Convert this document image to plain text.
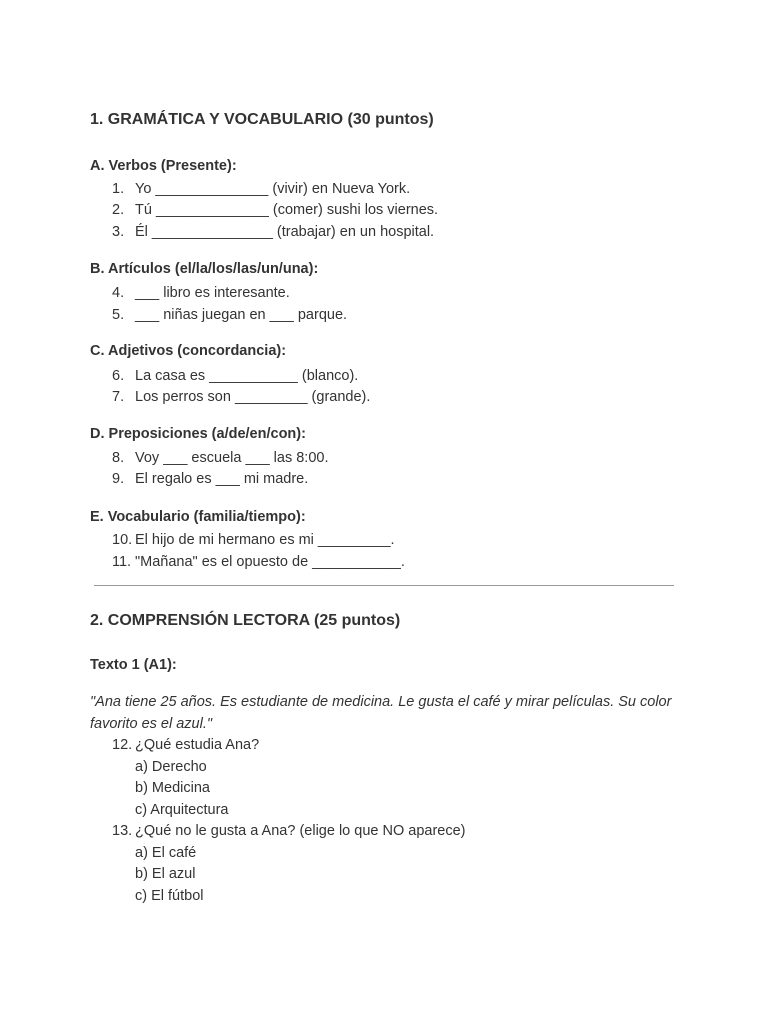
1. GRAMÁTICA Y VOCABULARIO (30 puntos)
A. Verbos (Presente):
1. Yo ______________ (vivir) en Nueva York.
2. Tú ______________ (comer) sushi los viernes.
3. Él _______________ (trabajar) en un hospital.
B. Artículos (el/la/los/las/un/una):
4. ___ libro es interesante.
5. ___ niñas juegan en ___ parque.
C. Adjetivos (concordancia):
6. La casa es ___________ (blanco).
7. Los perros son _________ (grande).
D. Preposiciones (a/de/en/con):
8. Voy ___ escuela ___ las 8:00.
9. El regalo es ___ mi madre.
E. Vocabulario (familia/tiempo):
10. El hijo de mi hermano es mi _________.
11. "Mañana" es el opuesto de ___________.
2. COMPRENSIÓN LECTORA (25 puntos)
Texto 1 (A1):
"Ana tiene 25 años. Es estudiante de medicina. Le gusta el café y mirar películas. Su color favorito es el azul."
12. ¿Qué estudia Ana?
a) Derecho
b) Medicina
c) Arquitectura
13. ¿Qué no le gusta a Ana? (elige lo que NO aparece)
a) El café
b) El azul
c) El fútbol
